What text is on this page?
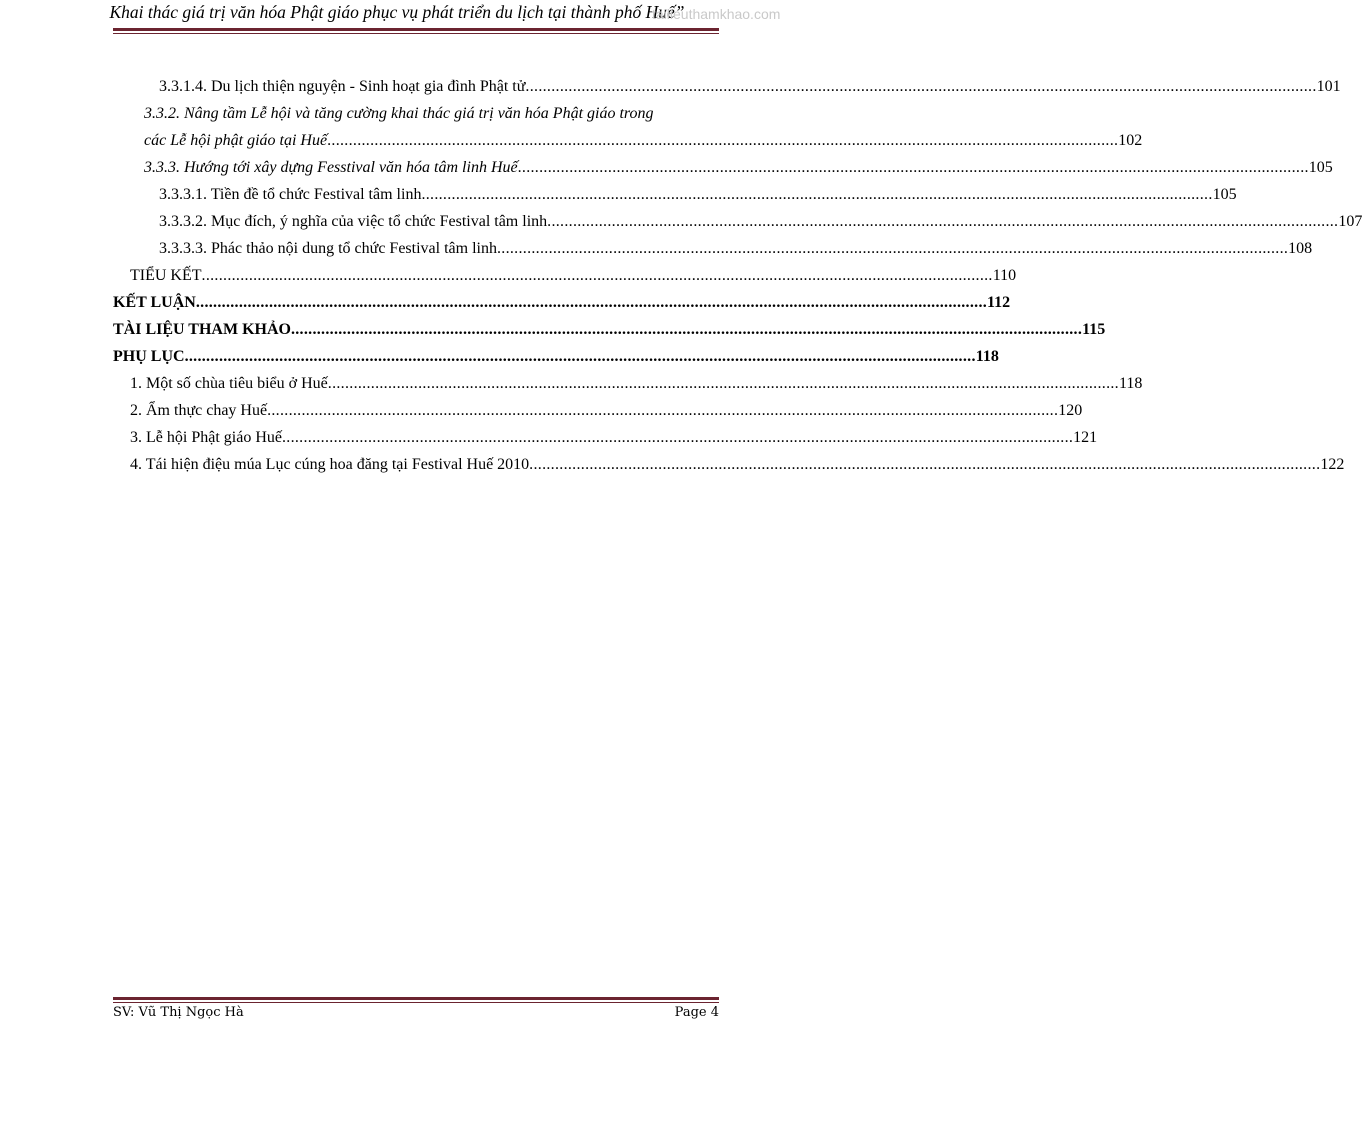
Khai thác giá trị văn hóa Phật giáo phục vụ phát triển du lịch tại thành phố Huế”
tailieuthamkhao.com
3.3.1.4. Du lịch thiện nguyện - Sinh hoạt gia đình Phật tử ........................................................................................................................................................................................ 101
3.3.2. Nâng tầm Lễ hội và tăng cường khai thác giá trị văn hóa Phật giáo trong
các Lễ hội phật giáo tại Huế ........................................................................................................................................................................................ 102
3.3.3. Hướng tới xây dựng Fesstival văn hóa tâm linh Huế ........................................................................................................................................................................................ 105
3.3.3.1. Tiền đề tổ chức Festival tâm linh ........................................................................................................................................................................................ 105
3.3.3.2. Mục đích, ý nghĩa của việc tổ chức Festival tâm linh ........................................................................................................................................................................................ 107
3.3.3.3. Phác thảo nội dung tổ chức Festival tâm linh ........................................................................................................................................................................................ 108
TIỂU KẾT ........................................................................................................................................................................................ 110
KẾT LUẬN ........................................................................................................................................................................................ 112
TÀI LIỆU THAM KHẢO ........................................................................................................................................................................................ 115
PHỤ LỤC ........................................................................................................................................................................................ 118
1. Một số chùa tiêu biểu ở Huế ........................................................................................................................................................................................ 118
2. Ẩm thực chay Huế ........................................................................................................................................................................................ 120
3. Lễ hội Phật giáo Huế ........................................................................................................................................................................................ 121
4. Tái hiện điệu múa Lục cúng hoa đăng tại Festival Huế 2010 ........................................................................................................................................................................................ 122
SV: Vũ Thị Ngọc Hà	Page 4
